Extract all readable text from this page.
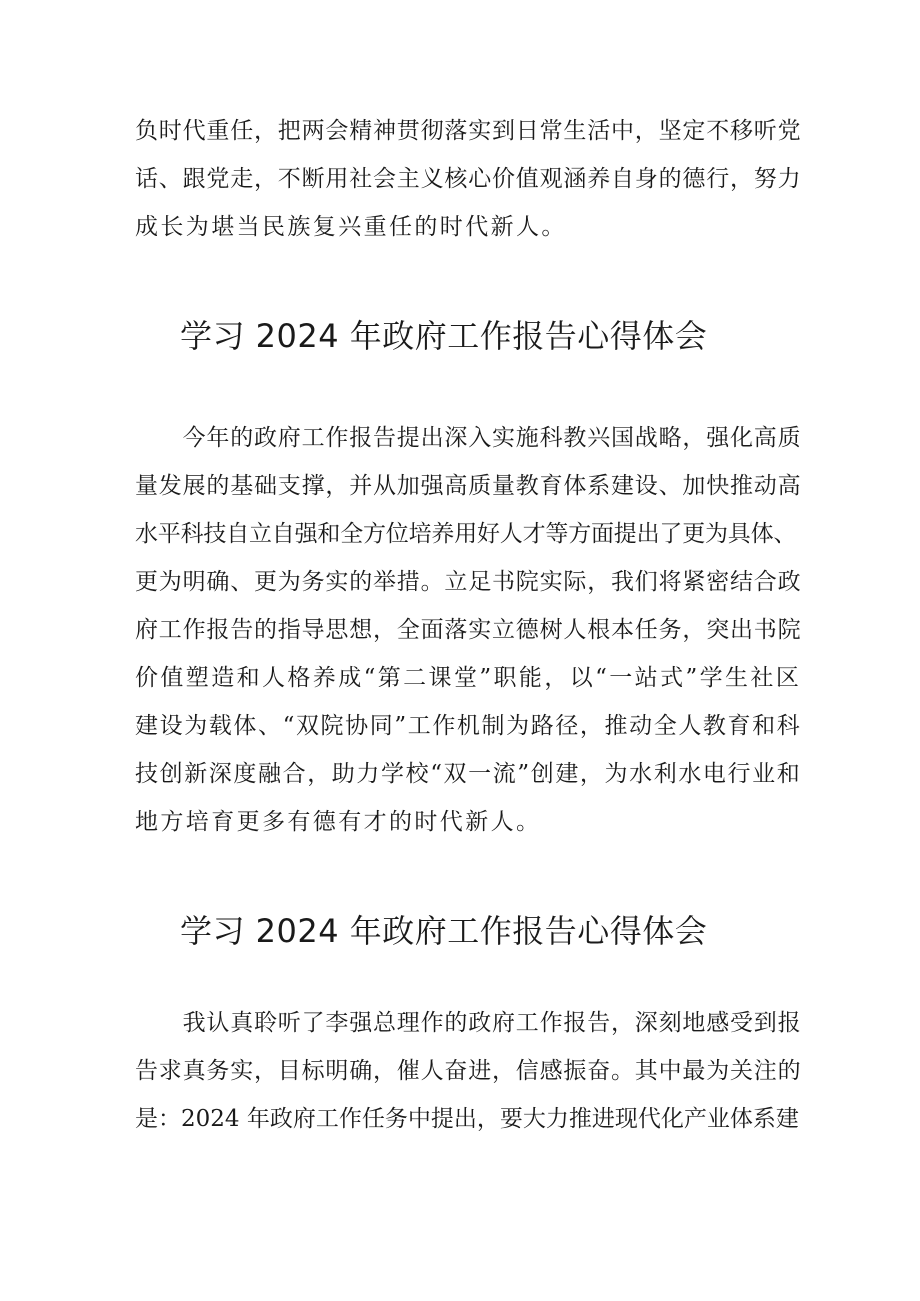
负时代重任，把两会精神贯彻落实到日常生活中，坚定不移听党
话、跟党走，不断用社会主义核心价值观涵养自身的德行，努力
成长为堪当民族复兴重任的时代新人。
学习 2024 年政府工作报告心得体会
　　今年的政府工作报告提出深入实施科教兴国战略，强化高质
量发展的基础支撑，并从加强高质量教育体系建设、加快推动高
水平科技自立自强和全方位培养用好人才等方面提出了更为具体、
更为明确、更为务实的举措。立足书院实际，我们将紧密结合政
府工作报告的指导思想，全面落实立德树人根本任务，突出书院
价值塑造和人格养成“第二课堂”职能，以“一站式”学生社区
建设为载体、“双院协同”工作机制为路径，推动全人教育和科
技创新深度融合，助力学校“双一流”创建，为水利水电行业和
地方培育更多有德有才的时代新人。
学习 2024 年政府工作报告心得体会
　　我认真聆听了李强总理作的政府工作报告，深刻地感受到报
告求真务实，目标明确，催人奋进，信感振奋。其中最为关注的
是：2024 年政府工作任务中提出，要大力推进现代化产业体系建
